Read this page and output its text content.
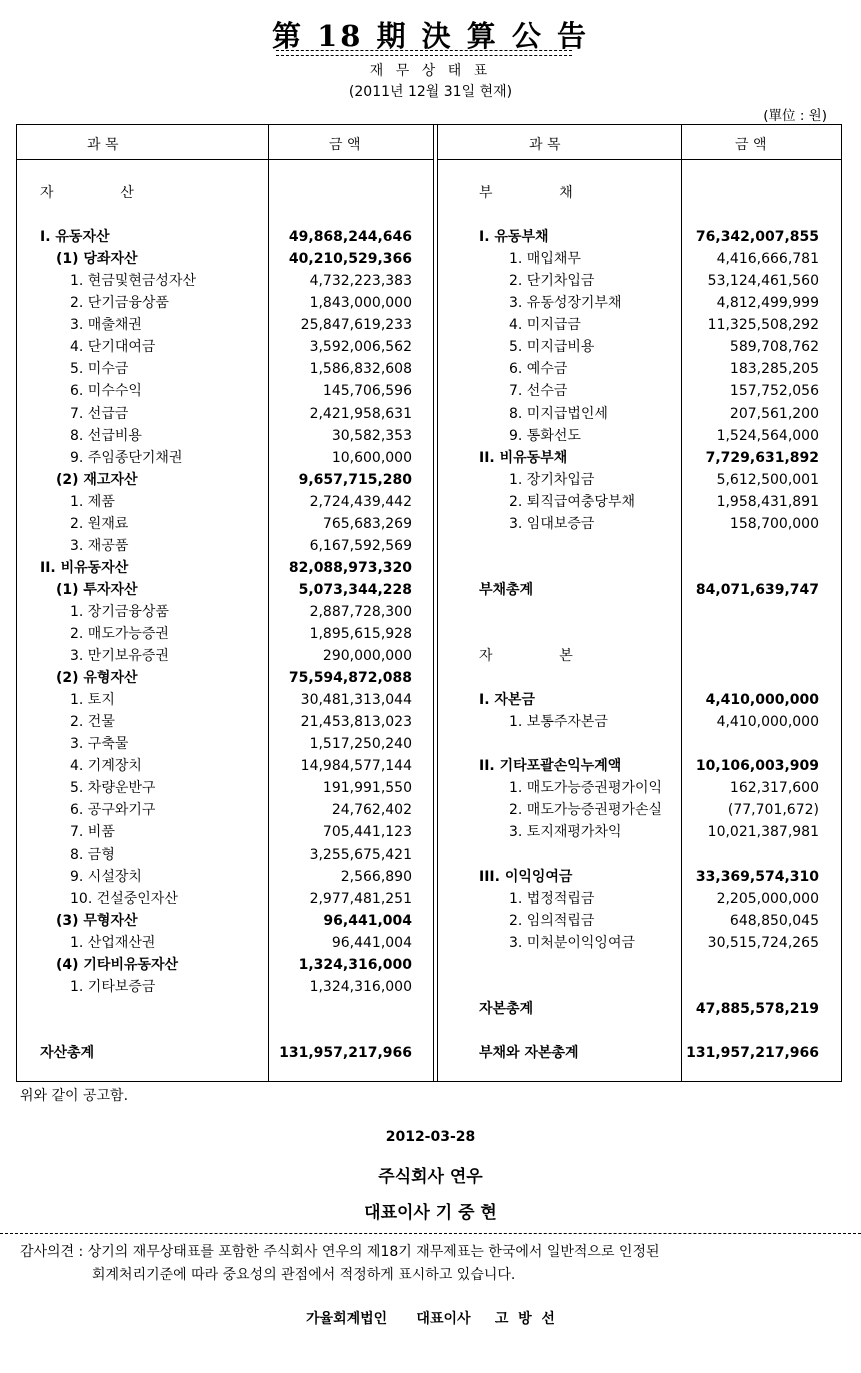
第 18 期 決 算 公 告
재 무 상 태 표
(2011년 12월 31일 현재)
(單位 : 원)
과 목	금 액	과 목	금 액
자               산
I. 유동자산	49,868,244,646
(1) 당좌자산	40,210,529,366
1. 현금및현금성자산	4,732,223,383
2. 단기금융상품	1,843,000,000
3. 매출채권	25,847,619,233
4. 단기대여금	3,592,006,562
5. 미수금	1,586,832,608
6. 미수수익	145,706,596
7. 선급금	2,421,958,631
8. 선급비용	30,582,353
9. 주임종단기채권	10,600,000
(2) 재고자산	9,657,715,280
1. 제품	2,724,439,442
2. 원재료	765,683,269
3. 재공품	6,167,592,569
II. 비유동자산	82,088,973,320
(1) 투자자산	5,073,344,228
1. 장기금융상품	2,887,728,300
2. 매도가능증권	1,895,615,928
3. 만기보유증권	290,000,000
(2) 유형자산	75,594,872,088
1. 토지	30,481,313,044
2. 건물	21,453,813,023
3. 구축물	1,517,250,240
4. 기계장치	14,984,577,144
5. 차량운반구	191,991,550
6. 공구와기구	24,762,402
7. 비품	705,441,123
8. 금형	3,255,675,421
9. 시설장치	2,566,890
10. 건설중인자산	2,977,481,251
(3) 무형자산	96,441,004
1. 산업재산권	96,441,004
(4) 기타비유동자산	1,324,316,000
1. 기타보증금	1,324,316,000
자산총계	131,957,217,966
부               채
I. 유동부채	76,342,007,855
1. 매입채무	4,416,666,781
2. 단기차입금	53,124,461,560
3. 유동성장기부채	4,812,499,999
4. 미지급금	11,325,508,292
5. 미지급비용	589,708,762
6. 예수금	183,285,205
7. 선수금	157,752,056
8. 미지급법인세	207,561,200
9. 통화선도	1,524,564,000
II. 비유동부채	7,729,631,892
1. 장기차입금	5,612,500,001
2. 퇴직급여충당부채	1,958,431,891
3. 임대보증금	158,700,000
부채총계	84,071,639,747
자               본
I. 자본금	4,410,000,000
1. 보통주자본금	4,410,000,000
II. 기타포괄손익누계액	10,106,003,909
1. 매도가능증권평가이익	162,317,600
2. 매도가능증권평가손실	(77,701,672)
3. 토지재평가차익	10,021,387,981
III. 이익잉여금	33,369,574,310
1. 법정적립금	2,205,000,000
2. 임의적립금	648,850,045
3. 미처분이익잉여금	30,515,724,265
자본총계	47,885,578,219
부채와 자본총계	131,957,217,966
위와 같이 공고함.
2012-03-28
주식회사 연우
대표이사 기 중 현
감사의견 : 상기의 재무상태표를 포함한 주식회사 연우의 제18기 재무제표는 한국에서 일반적으로 인정된
회계처리기준에 따라 중요성의 관점에서 적정하게 표시하고 있습니다.
가율회계법인      대표이사     고  방  선
